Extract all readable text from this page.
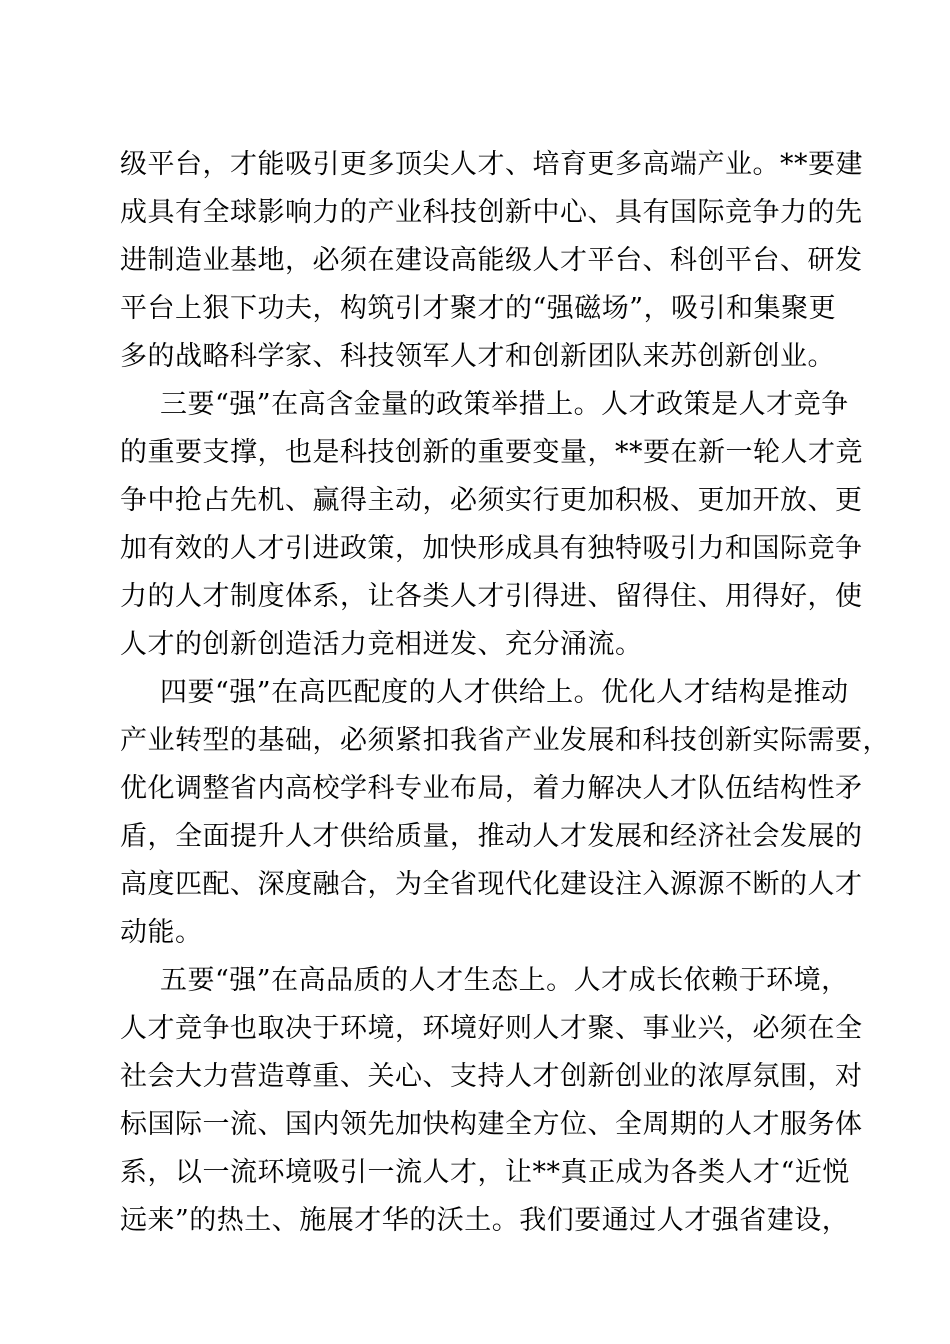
级平台，才能吸引更多顶尖人才、培育更多高端产业。**要建
成具有全球影响力的产业科技创新中心、具有国际竞争力的先
进制造业基地，必须在建设高能级人才平台、科创平台、研发
平台上狠下功夫，构筑引才聚才的“强磁场”，吸引和集聚更
多的战略科学家、科技领军人才和创新团队来苏创新创业。
三要“强”在高含金量的政策举措上。人才政策是人才竞争
的重要支撑，也是科技创新的重要变量，**要在新一轮人才竞
争中抢占先机、赢得主动，必须实行更加积极、更加开放、更
加有效的人才引进政策，加快形成具有独特吸引力和国际竞争
力的人才制度体系，让各类人才引得进、留得住、用得好，使
人才的创新创造活力竞相迸发、充分涌流。
四要“强”在高匹配度的人才供给上。优化人才结构是推动
产业转型的基础，必须紧扣我省产业发展和科技创新实际需要，
优化调整省内高校学科专业布局，着力解决人才队伍结构性矛
盾，全面提升人才供给质量，推动人才发展和经济社会发展的
高度匹配、深度融合，为全省现代化建设注入源源不断的人才
动能。
五要“强”在高品质的人才生态上。人才成长依赖于环境，
人才竞争也取决于环境，环境好则人才聚、事业兴，必须在全
社会大力营造尊重、关心、支持人才创新创业的浓厚氛围，对
标国际一流、国内领先加快构建全方位、全周期的人才服务体
系，以一流环境吸引一流人才，让**真正成为各类人才“近悦
远来”的热土、施展才华的沃土。我们要通过人才强省建设，
